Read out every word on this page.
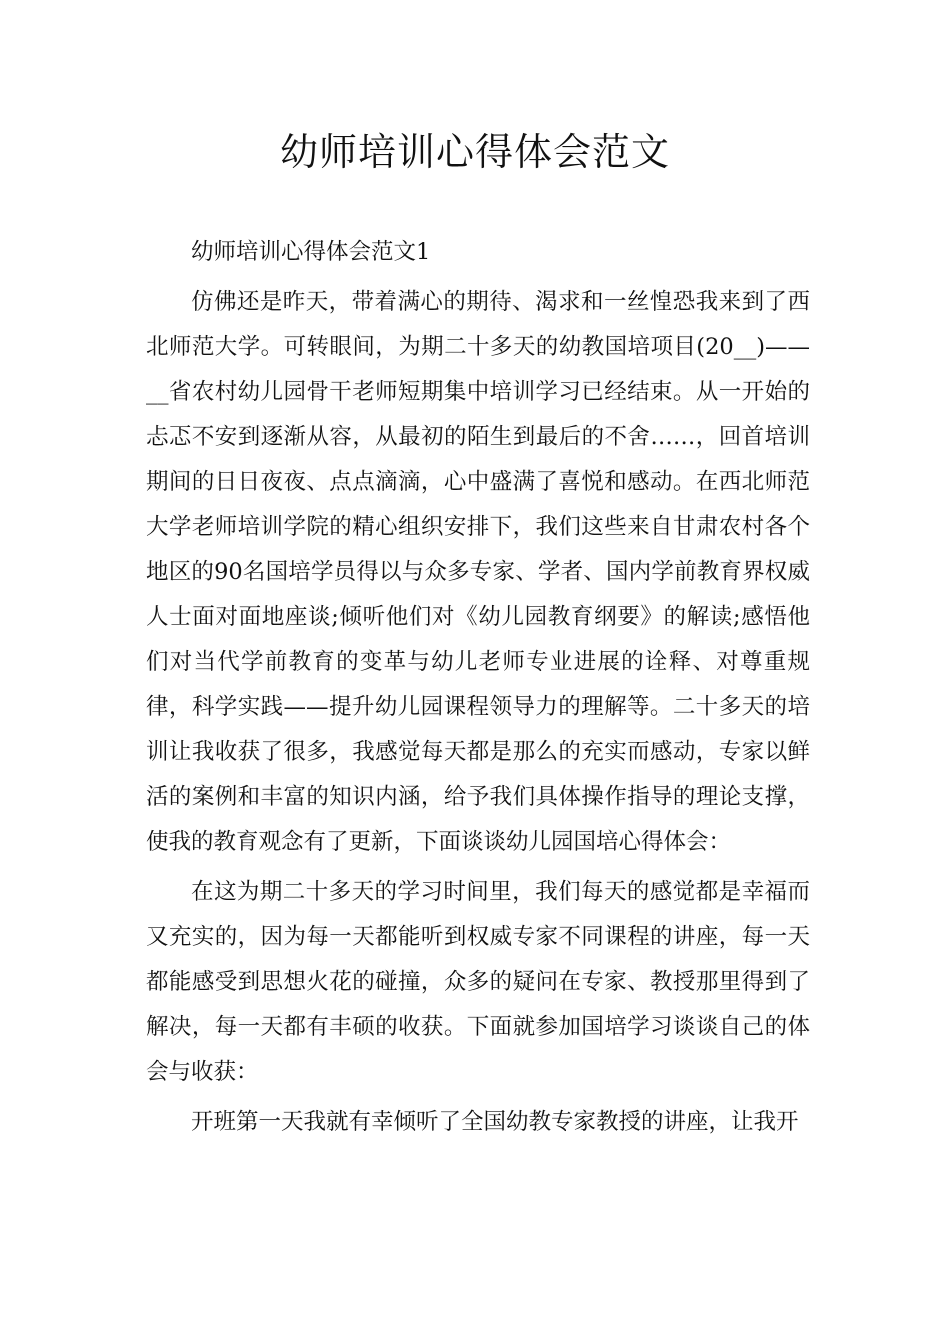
幼师培训心得体会范文

幼师培训心得体会范文1

仿佛还是昨天，带着满心的期待、渴求和一丝惶恐我来到了西北师范大学。可转眼间，为期二十多天的幼教国培项目(20__)——__省农村幼儿园骨干老师短期集中培训学习已经结束。从一开始的忐忑不安到逐渐从容，从最初的陌生到最后的不舍……，回首培训期间的日日夜夜、点点滴滴，心中盛满了喜悦和感动。在西北师范大学老师培训学院的精心组织安排下，我们这些来自甘肃农村各个地区的90名国培学员得以与众多专家、学者、国内学前教育界权威人士面对面地座谈;倾听他们对《幼儿园教育纲要》的解读;感悟他们对当代学前教育的变革与幼儿老师专业进展的诠释、对尊重规律，科学实践——提升幼儿园课程领导力的理解等。二十多天的培训让我收获了很多，我感觉每天都是那么的充实而感动，专家以鲜活的案例和丰富的知识内涵，给予我们具体操作指导的理论支撑，使我的教育观念有了更新，下面谈谈幼儿园国培心得体会：

在这为期二十多天的学习时间里，我们每天的感觉都是幸福而又充实的，因为每一天都能听到权威专家不同课程的讲座，每一天都能感受到思想火花的碰撞，众多的疑问在专家、教授那里得到了解决，每一天都有丰硕的收获。下面就参加国培学习谈谈自己的体会与收获：

开班第一天我就有幸倾听了全国幼教专家教授的讲座，让我开
